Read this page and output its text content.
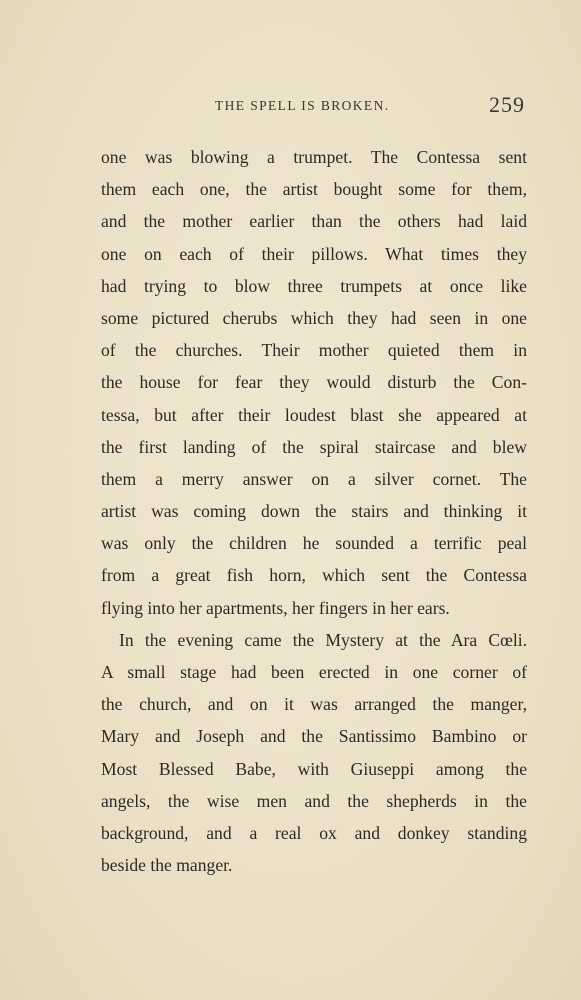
THE SPELL IS BROKEN.	259
one was blowing a trumpet. The Contessa sent
them each one, the artist bought some for them,
and the mother earlier than the others had laid
one on each of their pillows. What times they
had trying to blow three trumpets at once like
some pictured cherubs which they had seen in one
of the churches. Their mother quieted them in
the house for fear they would disturb the Con-
tessa, but after their loudest blast she appeared at
the first landing of the spiral staircase and blew
them a merry answer on a silver cornet. The
artist was coming down the stairs and thinking it
was only the children he sounded a terrific peal
from a great fish horn, which sent the Contessa
flying into her apartments, her fingers in her ears.
In the evening came the Mystery at the Ara Cœli.
A small stage had been erected in one corner of
the church, and on it was arranged the manger,
Mary and Joseph and the Santissimo Bambino or
Most Blessed Babe, with Giuseppi among the
angels, the wise men and the shepherds in the
background, and a real ox and donkey standing
beside the manger.
